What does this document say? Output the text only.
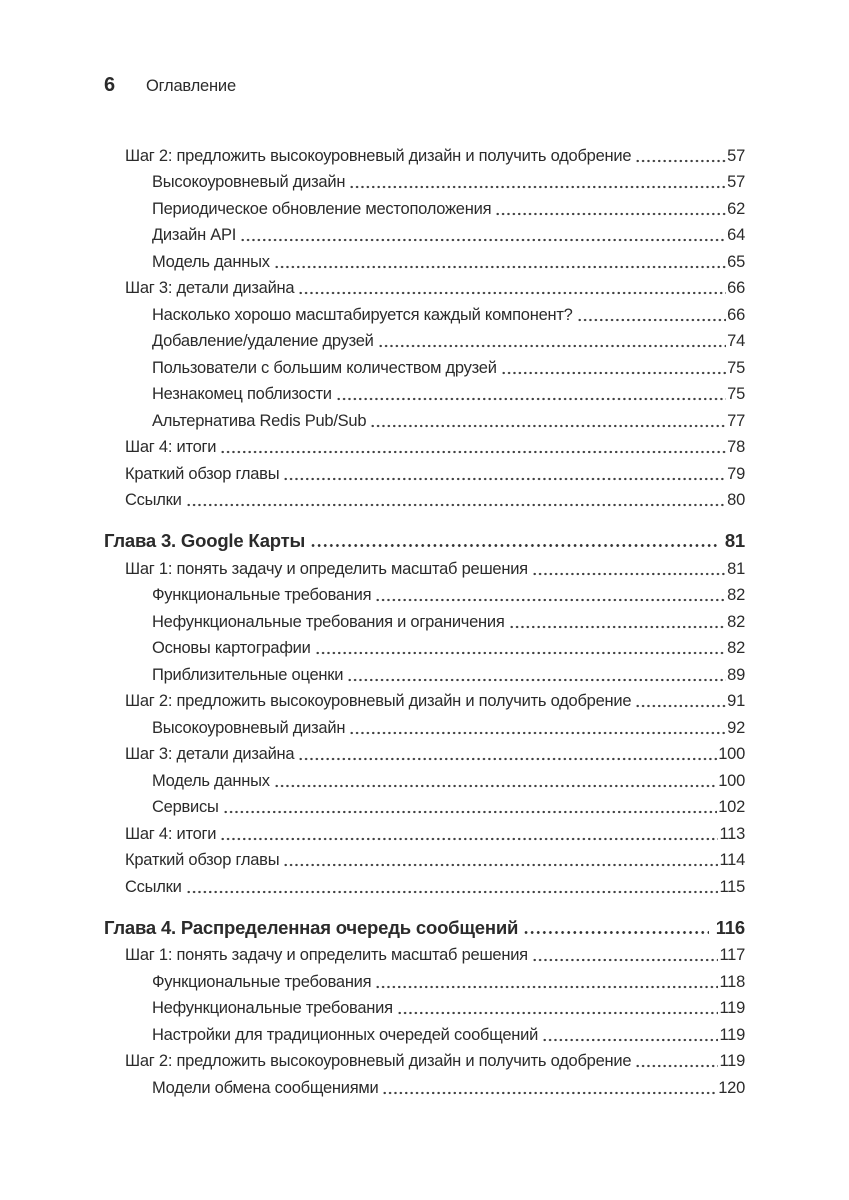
6 Оглавление
Шаг 2: предложить высокоуровневый дизайн и получить одобрение	57
Высокоуровневый дизайн	57
Периодическое обновление местоположения	62
Дизайн API	64
Модель данных	65
Шаг 3: детали дизайна	66
Насколько хорошо масштабируется каждый компонент?	66
Добавление/удаление друзей	74
Пользователи с большим количеством друзей	75
Незнакомец поблизости	75
Альтернатива Redis Pub/Sub	77
Шаг 4: итоги	78
Краткий обзор главы	79
Ссылки	80
Глава 3. Google Карты	81
Шаг 1: понять задачу и определить масштаб решения	81
Функциональные требования	82
Нефункциональные требования и ограничения	82
Основы картографии	82
Приблизительные оценки	89
Шаг 2: предложить высокоуровневый дизайн и получить одобрение	91
Высокоуровневый дизайн	92
Шаг 3: детали дизайна	100
Модель данных	100
Сервисы	102
Шаг 4: итоги	113
Краткий обзор главы	114
Ссылки	115
Глава 4. Распределенная очередь сообщений	116
Шаг 1: понять задачу и определить масштаб решения	117
Функциональные требования	118
Нефункциональные требования	119
Настройки для традиционных очередей сообщений	119
Шаг 2: предложить высокоуровневый дизайн и получить одобрение	119
Модели обмена сообщениями	120
